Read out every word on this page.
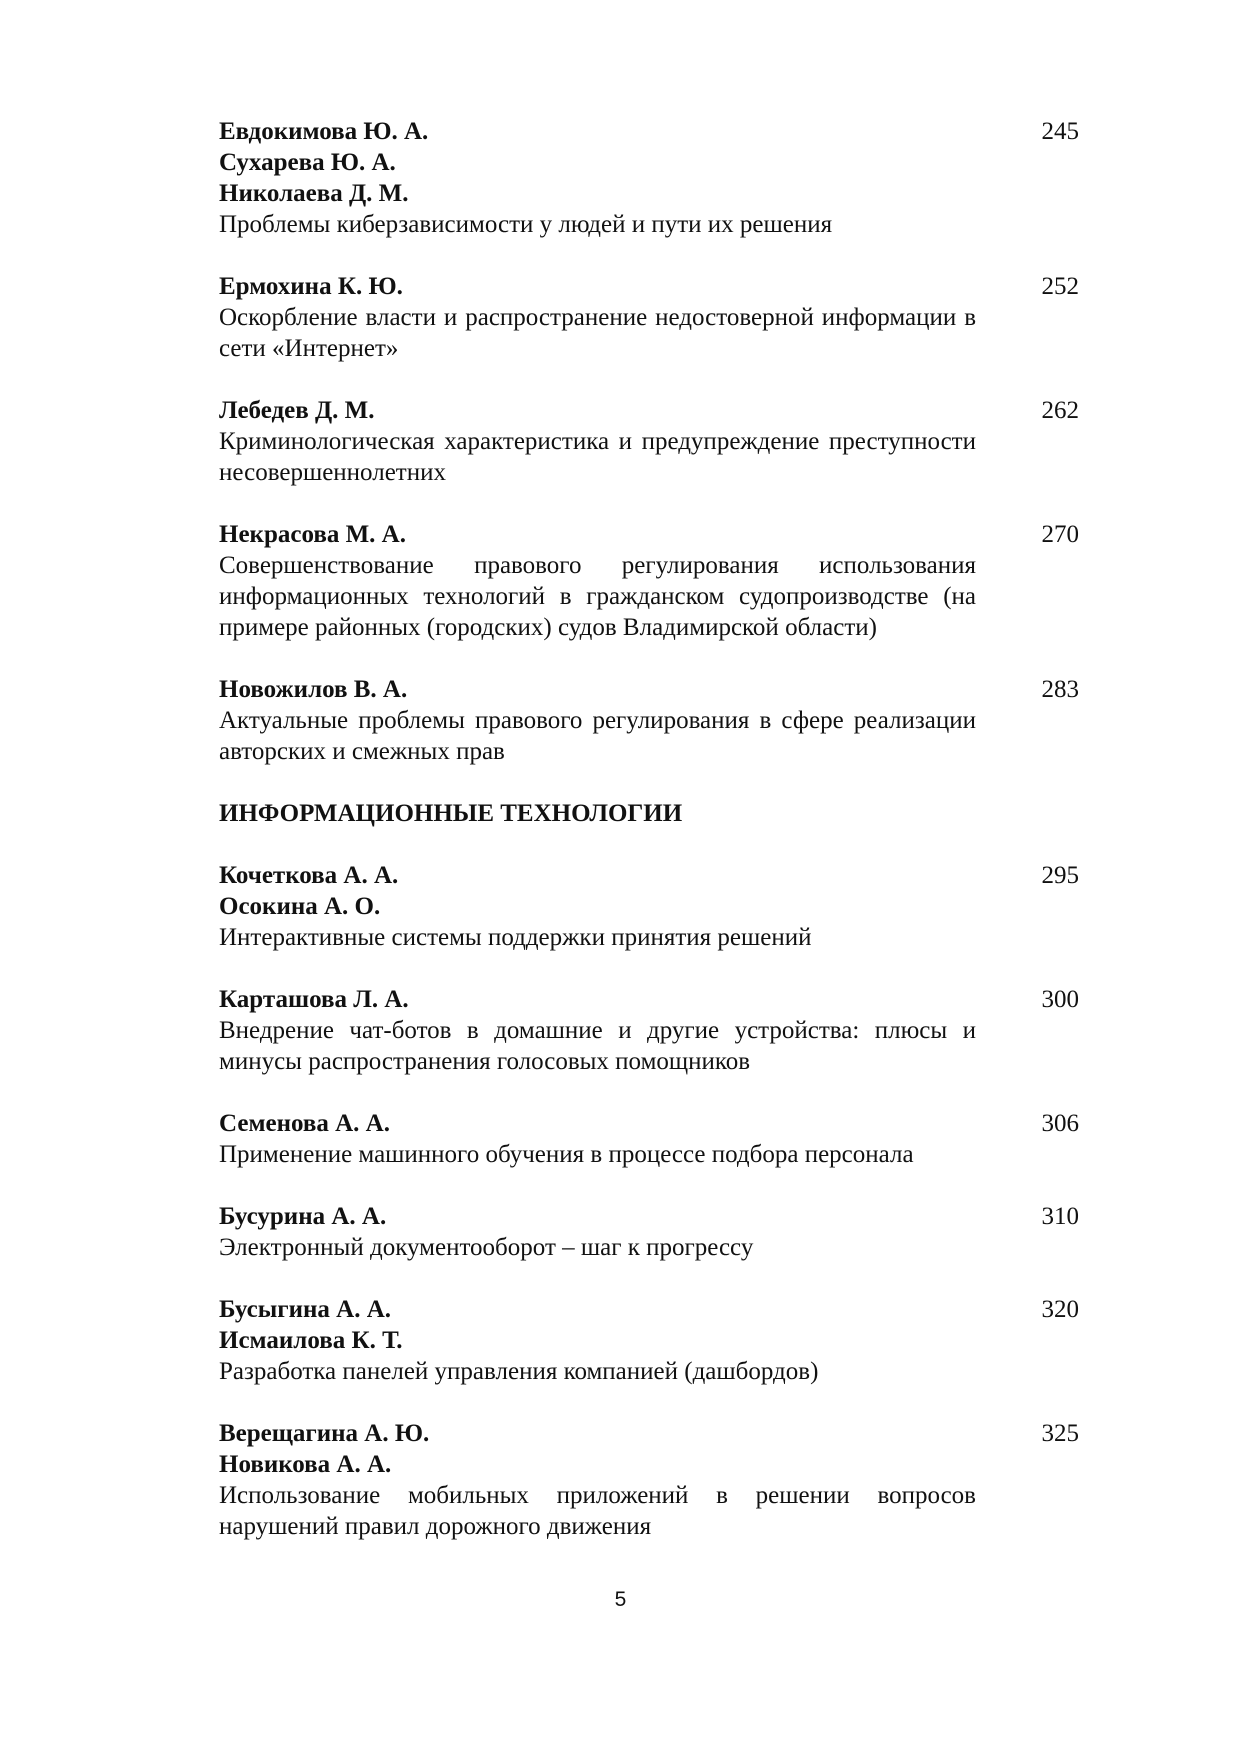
Евдокимова Ю. А.
Сухарева Ю. А.
Николаева Д. М.
Проблемы киберзависимости у людей и пути их решения
245
Ермохина К. Ю.
Оскорбление власти и распространение недостоверной информации в сети «Интернет»
252
Лебедев Д. М.
Криминологическая характеристика и предупреждение преступности несовершеннолетних
262
Некрасова М. А.
Совершенствование правового регулирования использования информационных технологий в гражданском судопроизводстве (на примере районных (городских) судов Владимирской области)
270
Новожилов В. А.
Актуальные проблемы правового регулирования в сфере реализации авторских и смежных прав
283
ИНФОРМАЦИОННЫЕ ТЕХНОЛОГИИ
Кочеткова А. А.
Осокина А. О.
Интерактивные системы поддержки принятия решений
295
Карташова Л. А.
Внедрение чат-ботов в домашние и другие устройства: плюсы и минусы распространения голосовых помощников
300
Семенова А. А.
Применение машинного обучения в процессе подбора персонала
306
Бусурина А. А.
Электронный документооборот – шаг к прогрессу
310
Бусыгина А. А.
Исмаилова К. Т.
Разработка панелей управления компанией (дашбордов)
320
Верещагина А. Ю.
Новикова А. А.
Использование мобильных приложений в решении вопросов нарушений правил дорожного движения
325
5
